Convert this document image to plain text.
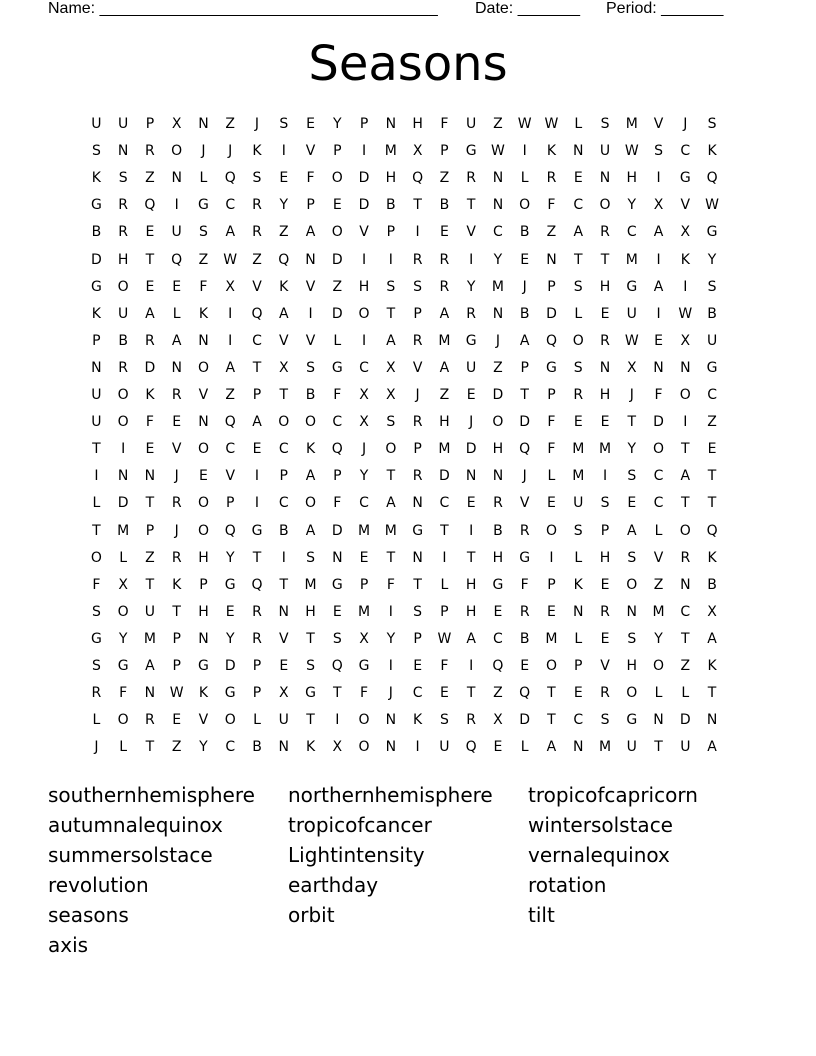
Name: ______________________________________ Date: _______ Period: _______
Seasons
U	U	P	X	N	Z	J	S	E	Y	P	N	H	F	U	Z	W W	L	S	M	V	J	S
S	N	R	O	J	J	K	I	V	P	I	M	X	P	G	W	I	K	N	U	W	S	C	K
K	S	Z	N	L	Q	S	E	F	O	D	H	Q	Z	R	N	L	R	E	N	H	I	G	Q
G	R	Q	I	G	C	R	Y	P	E	D	B	T	B	T	N	O	F	C	O	Y	X	V	W
B	R	E	U	S	A	R	Z	A	O	V	P	I	E	V	C	B	Z	A	R	C	A	X	G
D	H	T	Q	Z	W	Z	Q	N	D	I	I	R	R	I	Y	E	N	T	T	M	I	K	Y
G	O	E	E	F	X	V	K	V	Z	H	S	S	R	Y	M	J	P	S	H	G	A	I	S
K	U	A	L	K	I	Q	A	I	D	O	T	P	A	R	N	B	D	L	E	U	I	W	B
P	B	R	A	N	I	C	V	V	L	I	A	R	M	G	J	A	Q	O	R	W	E	X	U
N	R	D	N	O	A	T	X	S	G	C	X	V	A	U	Z	P	G	S	N	X	N	N	G
U	O	K	R	V	Z	P	T	B	F	X	X	J	Z	E	D	T	P	R	H	J	F	O	C
U	O	F	E	N	Q	A	O	O	C	X	S	R	H	J	O	D	F	E	E	T	D	I	Z
T	I	E	V	O	C	E	C	K	Q	J	O	P	M	D	H	Q	F	M	M	Y	O	T	E
I	N	N	J	E	V	I	P	A	P	Y	T	R	D	N	N	J	L	M	I	S	C	A	T
L	D	T	R	O	P	I	C	O	F	C	A	N	C	E	R	V	E	U	S	E	C	T	T
T	M	P	J	O	Q	G	B	A	D	M	M	G	T	I	B	R	O	S	P	A	L	O	Q
O	L	Z	R	H	Y	T	I	S	N	E	T	N	I	T	H	G	I	L	H	S	V	R	K
F	X	T	K	P	G	Q	T	M	G	P	F	T	L	H	G	F	P	K	E	O	Z	N	B
S	O	U	T	H	E	R	N	H	E	M	I	S	P	H	E	R	E	N	R	N	M	C	X
G	Y	M	P	N	Y	R	V	T	S	X	Y	P	W	A	C	B	M	L	E	S	Y	T	A
S	G	A	P	G	D	P	E	S	Q	G	I	E	F	I	Q	E	O	P	V	H	O	Z	K
R	F	N	W	K	G	P	X	G	T	F	J	C	E	T	Z	Q	T	E	R	O	L	L	T
L	O	R	E	V	O	L	U	T	I	O	N	K	S	R	X	D	T	C	S	G	N	D	N
J	L	T	Z	Y	C	B	N	K	X	O	N	I	U	Q	E	L	A	N	M	U	T	U	A
southernhemisphere northernhemisphere tropicofcapricorn
autumnalequinox	tropicofcancer	wintersolstace
summersolstace	Lightintensity	vernalequinox
revolution	earthday	rotation
seasons	orbit	tilt
axis
